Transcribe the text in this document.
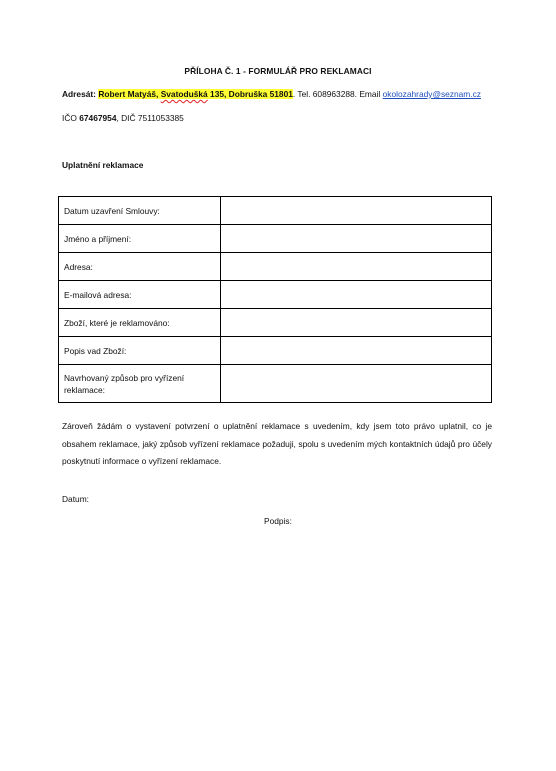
PŘÍLOHA Č. 1 - FORMULÁŘ PRO REKLAMACI
Adresát: Robert Matyáš, Svatodušká 135, Dobruška 51801. Tel. 608963288. Email okolozahrady@seznam.cz
IČO 67467954, DIČ 7511053385
Uplatnění reklamace
Datum uzavření Smlouvy:	
Jméno a příjmení:	
Adresa:	
E-mailová adresa:	
Zboží, které je reklamováno:	
Popis vad Zboží:	
Navrhovaný způsob pro vyřízení reklamace:	
Zároveň žádám o vystavení potvrzení o uplatnění reklamace s uvedením, kdy jsem toto právo uplatnil, co je obsahem reklamace, jaký způsob vyřízení reklamace požaduji, spolu s uvedením mých kontaktních údajů pro účely poskytnutí informace o vyřízení reklamace.
Datum:
Podpis:
